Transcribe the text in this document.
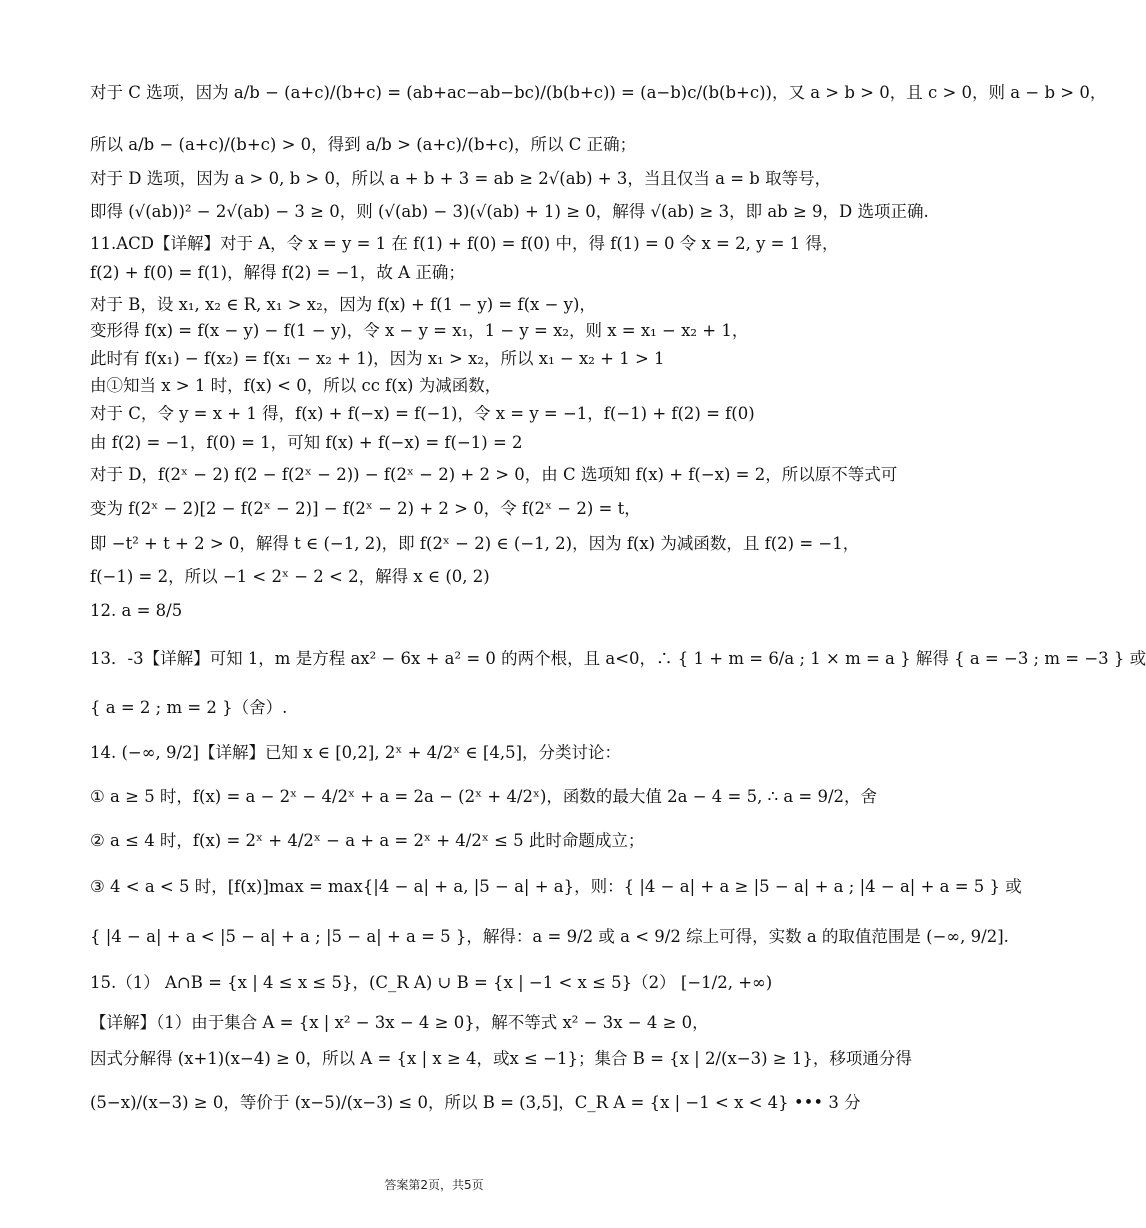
对于 C 选项，因为 a/b − (a+c)/(b+c) = (ab+ac−ab−bc)/(b(b+c)) = (a−b)c/(b(b+c))，又 a > b > 0，且 c > 0，则 a − b > 0，
所以 a/b − (a+c)/(b+c) > 0，得到 a/b > (a+c)/(b+c)，所以 C 正确；
对于 D 选项，因为 a > 0, b > 0，所以 a + b + 3 = ab ≥ 2√(ab) + 3，当且仅当 a = b 取等号，
即得 (√(ab))² − 2√(ab) − 3 ≥ 0，则 (√(ab) − 3)(√(ab) + 1) ≥ 0，解得 √(ab) ≥ 3，即 ab ≥ 9，D 选项正确.
11.ACD【详解】对于 A，令 x = y = 1 在 f(1) + f(0) = f(0) 中，得 f(1) = 0 令 x = 2, y = 1 得，
f(2) + f(0) = f(1)，解得 f(2) = −1，故 A 正确；
对于 B，设 x₁, x₂ ∈ R, x₁ > x₂，因为 f(x) + f(1 − y) = f(x − y)，
变形得 f(x) = f(x − y) − f(1 − y)，令 x − y = x₁，1 − y = x₂，则 x = x₁ − x₂ + 1，
此时有 f(x₁) − f(x₂) = f(x₁ − x₂ + 1)，因为 x₁ > x₂，所以 x₁ − x₂ + 1 > 1
由①知当 x > 1 时，f(x) < 0，所以 cc f(x) 为减函数，
对于 C，令 y = x + 1 得，f(x) + f(−x) = f(−1)，令 x = y = −1，f(−1) + f(2) = f(0)
由 f(2) = −1，f(0) = 1，可知 f(x) + f(−x) = f(−1) = 2
对于 D，f(2ˣ − 2) f(2 − f(2ˣ − 2)) − f(2ˣ − 2) + 2 > 0，由 C 选项知 f(x) + f(−x) = 2，所以原不等式可
变为 f(2ˣ − 2)[2 − f(2ˣ − 2)] − f(2ˣ − 2) + 2 > 0，令 f(2ˣ − 2) = t，
即 −t² + t + 2 > 0，解得 t ∈ (−1, 2)，即 f(2ˣ − 2) ∈ (−1, 2)，因为 f(x) 为减函数，且 f(2) = −1，
f(−1) = 2，所以 −1 < 2ˣ − 2 < 2，解得 x ∈ (0, 2)
12. a = 8/5
13．-3【详解】可知 1，m 是方程 ax² − 6x + a² = 0 的两个根，且 a<0，∴ { 1 + m = 6/a ; 1 × m = a } 解得 { a = −3 ; m = −3 } 或
{ a = 2 ; m = 2 }（舍）.
14. (−∞, 9/2]【详解】已知 x ∈ [0,2], 2ˣ + 4/2ˣ ∈ [4,5]，分类讨论：
① a ≥ 5 时，f(x) = a − 2ˣ − 4/2ˣ + a = 2a − (2ˣ + 4/2ˣ)，函数的最大值 2a − 4 = 5, ∴ a = 9/2，舍
② a ≤ 4 时，f(x) = 2ˣ + 4/2ˣ − a + a = 2ˣ + 4/2ˣ ≤ 5 此时命题成立；
③ 4 < a < 5 时，[f(x)]max = max{|4 − a| + a, |5 − a| + a}，则：{ |4 − a| + a ≥ |5 − a| + a ; |4 − a| + a = 5 } 或
{ |4 − a| + a < |5 − a| + a ; |5 − a| + a = 5 }，解得：a = 9/2 或 a < 9/2 综上可得，实数 a 的取值范围是 (−∞, 9/2].
15.（1） A∩B = {x | 4 ≤ x ≤ 5}，(C_R A) ∪ B = {x | −1 < x ≤ 5}（2） [−1/2, +∞)
【详解】（1）由于集合 A = {x | x² − 3x − 4 ≥ 0}，解不等式 x² − 3x − 4 ≥ 0，
因式分解得 (x+1)(x−4) ≥ 0，所以 A = {x | x ≥ 4，或x ≤ −1}；集合 B = {x | 2/(x−3) ≥ 1}，移项通分得
(5−x)/(x−3) ≥ 0，等价于 (x−5)/(x−3) ≤ 0，所以 B = (3,5]，C_R A = {x | −1 < x < 4} ••• 3 分
答案第2页，共5页
